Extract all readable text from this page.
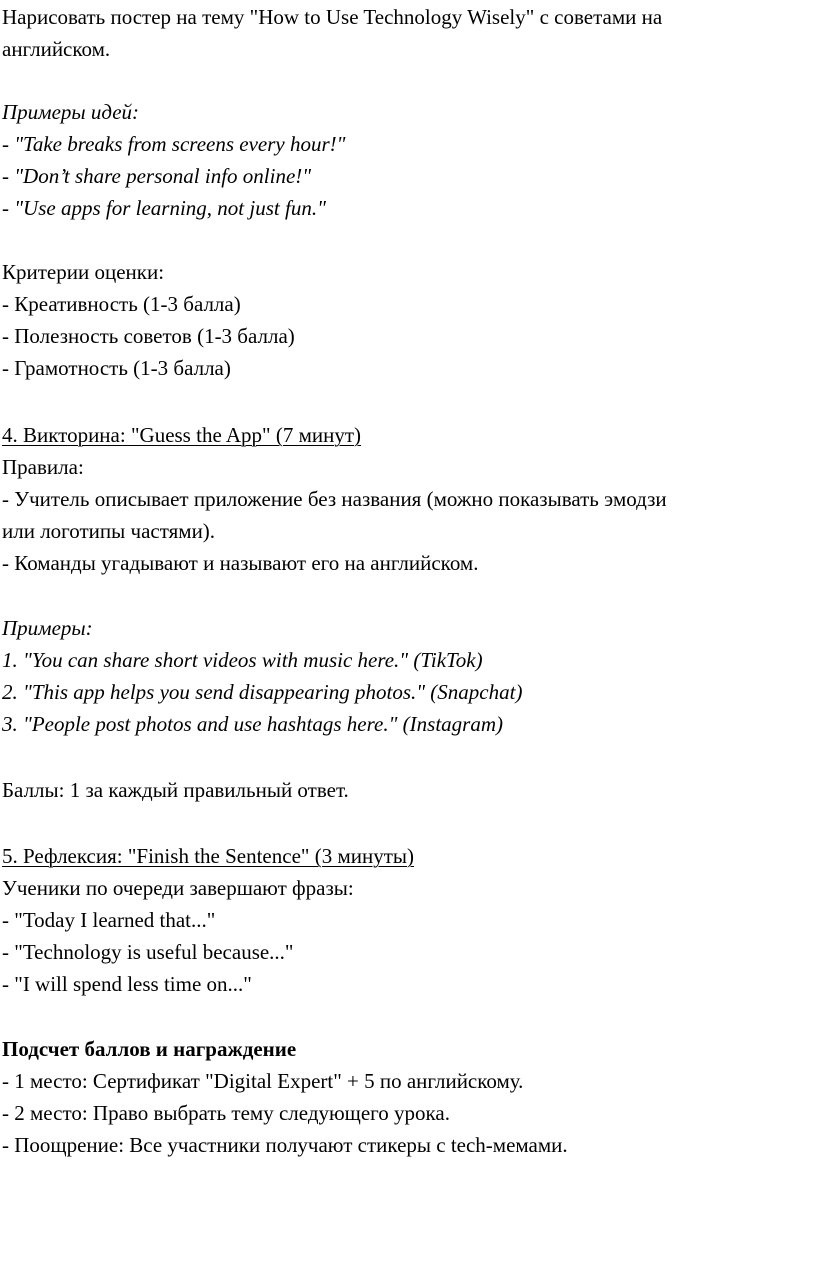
Нарисовать постер на тему "How to Use Technology Wisely" с советами на
английском.
Примеры идей:
- "Take breaks from screens every hour!"
- "Don’t share personal info online!"
- "Use apps for learning, not just fun."
Критерии оценки:
- Креативность (1-3 балла)
- Полезность советов (1-3 балла)
- Грамотность (1-3 балла)
4. Викторина: "Guess the App" (7 минут)
Правила:
- Учитель описывает приложение без названия (можно показывать эмодзи
или логотипы частями).
- Команды угадывают и называют его на английском.
Примеры:
1. "You can share short videos with music here." (TikTok)
2. "This app helps you send disappearing photos." (Snapchat)
3. "People post photos and use hashtags here." (Instagram)
Баллы: 1 за каждый правильный ответ.
5. Рефлексия: "Finish the Sentence" (3 минуты)
Ученики по очереди завершают фразы:
- "Today I learned that..."
- "Technology is useful because..."
- "I will spend less time on..."
Подсчет баллов и награждение
- 1 место: Сертификат "Digital Expert" + 5 по английскому.
- 2 место: Право выбрать тему следующего урока.
- Поощрение: Все участники получают стикеры с tech-мемами.
